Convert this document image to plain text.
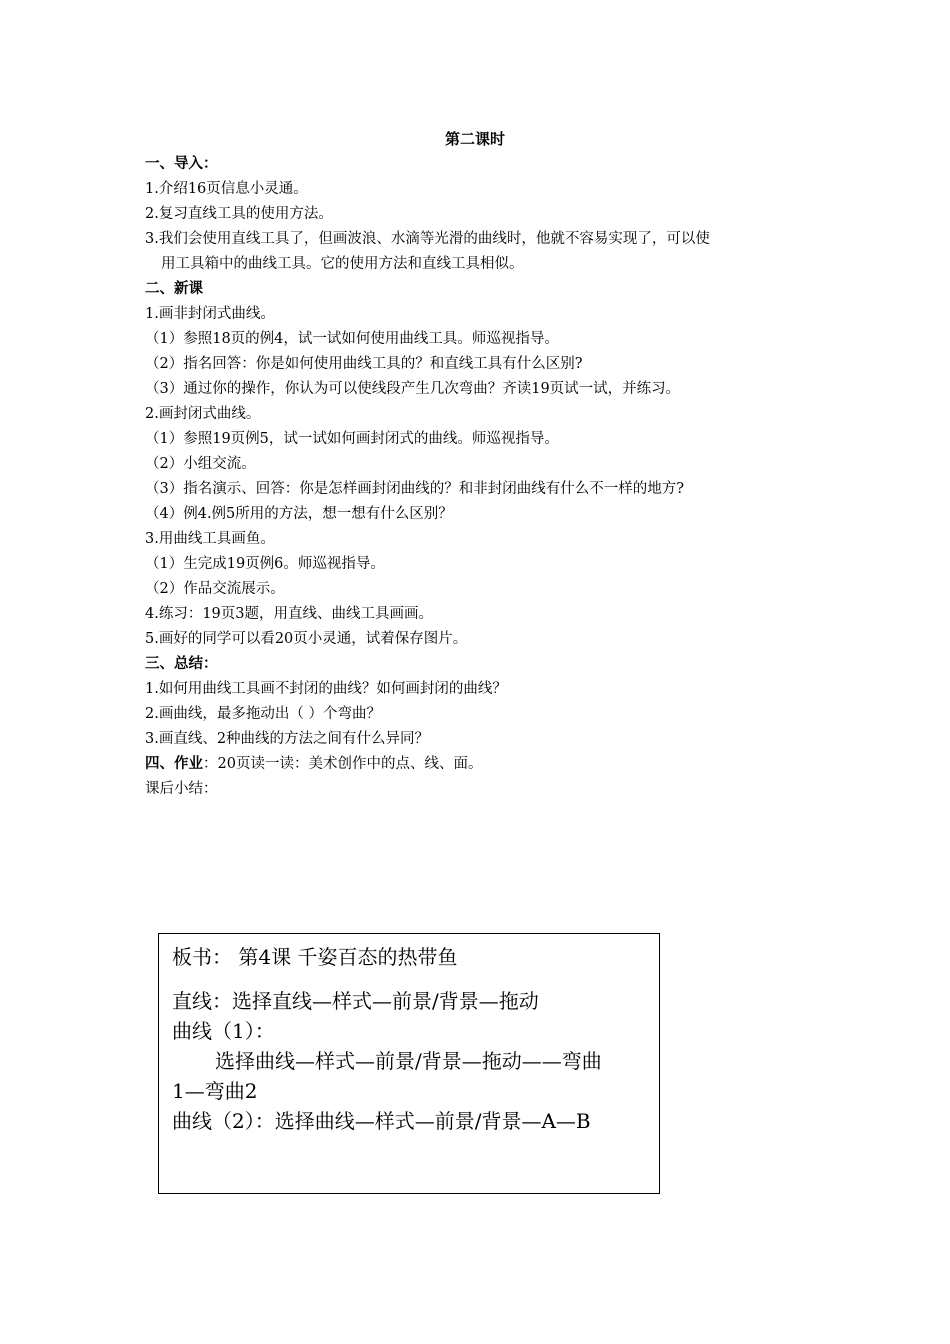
第二课时
一、导入：
1.介绍16页信息小灵通。
2.复习直线工具的使用方法。
3.我们会使用直线工具了，但画波浪、水滴等光滑的曲线时，他就不容易实现了，可以使
用工具箱中的曲线工具。它的使用方法和直线工具相似。
二、新课
1.画非封闭式曲线。
（1）参照18页的例4，试一试如何使用曲线工具。师巡视指导。
（2）指名回答：你是如何使用曲线工具的？和直线工具有什么区别?
（3）通过你的操作，你认为可以使线段产生几次弯曲？齐读19页试一试，并练习。
2.画封闭式曲线。
（1）参照19页例5，试一试如何画封闭式的曲线。师巡视指导。
（2）小组交流。
（3）指名演示、回答：你是怎样画封闭曲线的？和非封闭曲线有什么不一样的地方?
（4）例4.例5所用的方法，想一想有什么区别？
3.用曲线工具画鱼。
（1）生完成19页例6。师巡视指导。
（2）作品交流展示。
4.练习：19页3题，用直线、曲线工具画画。
5.画好的同学可以看20页小灵通，试着保存图片。
三、总结：
1.如何用曲线工具画不封闭的曲线？如何画封闭的曲线？
2.画曲线，最多拖动出（ ）个弯曲？
3.画直线、2种曲线的方法之间有什么异同？
四、作业：20页读一读：美术创作中的点、线、面。
课后小结：
板书： 第4课 千姿百态的热带鱼
直线：选择直线—样式—前景/背景—拖动
曲线（1）：
选择曲线—样式—前景/背景—拖动——弯曲
1—弯曲2
曲线（2）：选择曲线—样式—前景/背景—A—B
